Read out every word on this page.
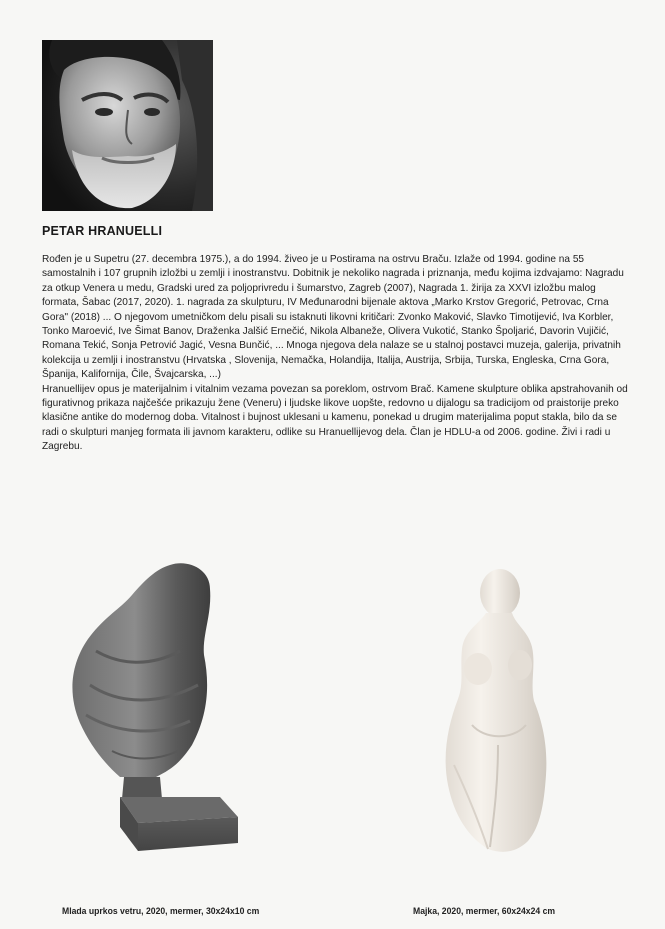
PETAR HRANUELLI

Rođen je u Supetru (27. decembra 1975.), a do 1994. živeo je u Postirama na ostrvu Braču. Izlaže od 1994. godine na 55 samostalnih i 107 grupnih izložbi u zemlji i inostranstvu. Dobitnik je nekoliko nagrada i priznanja, među kojima izdvajamo: Nagradu za otkup Venera u medu, Gradski ured za poljoprivredu i šumarstvo, Zagreb (2007), Nagrada 1. žirija za XXVI izložbu malog formata, Šabac (2017, 2020). 1. nagrada za skulpturu, IV Međunarodni bijenale aktova „Marko Krstov Gregorić, Petrovac, Crna Gora" (2018) ... O njegovom umetničkom delu pisali su istaknuti likovni kritičari: Zvonko Maković, Slavko Timotijević, Iva Korbler, Tonko Maroević, Ive Šimat Banov, Draženka Jalšić Ernečić, Nikola Albaneže, Olivera Vukotić, Stanko Špoljarić, Davorin Vujičić, Romana Tekić, Sonja Petrović Jagić, Vesna Bunčić, ... Mnoga njegova dela nalaze se u stalnoj postavci muzeja, galerija, privatnih kolekcija u zemlji i inostranstvu (Hrvatska , Slovenija, Nemačka, Holandija, Italija, Austrija, Srbija, Turska, Engleska, Crna Gora, Španija, Kalifornija, Čile, Švajcarska, ...)

Hranuellijev opus je materijalnim i vitalnim vezama povezan sa poreklom, ostrvom Brač. Kamene skulpture oblika apstrahovanih od figurativnog prikaza najčešće prikazuju žene (Veneru) i ljudske likove uopšte, redovno u dijalogu sa tradicijom od praistorije preko klasične antike do modernog doba. Vitalnost i bujnost uklesani u kamenu, ponekad u drugim materijalima poput stakla, bilo da se radi o skulpturi manjeg formata ili javnom karakteru, odlike su Hranuellijevog dela. Član je HDLU-a od 2006. godine. Živi i radi u Zagrebu.

Mlada uprkos vetru, 2020, mermer, 30x24x10 cm	Majka, 2020, mermer, 60x24x24 cm
